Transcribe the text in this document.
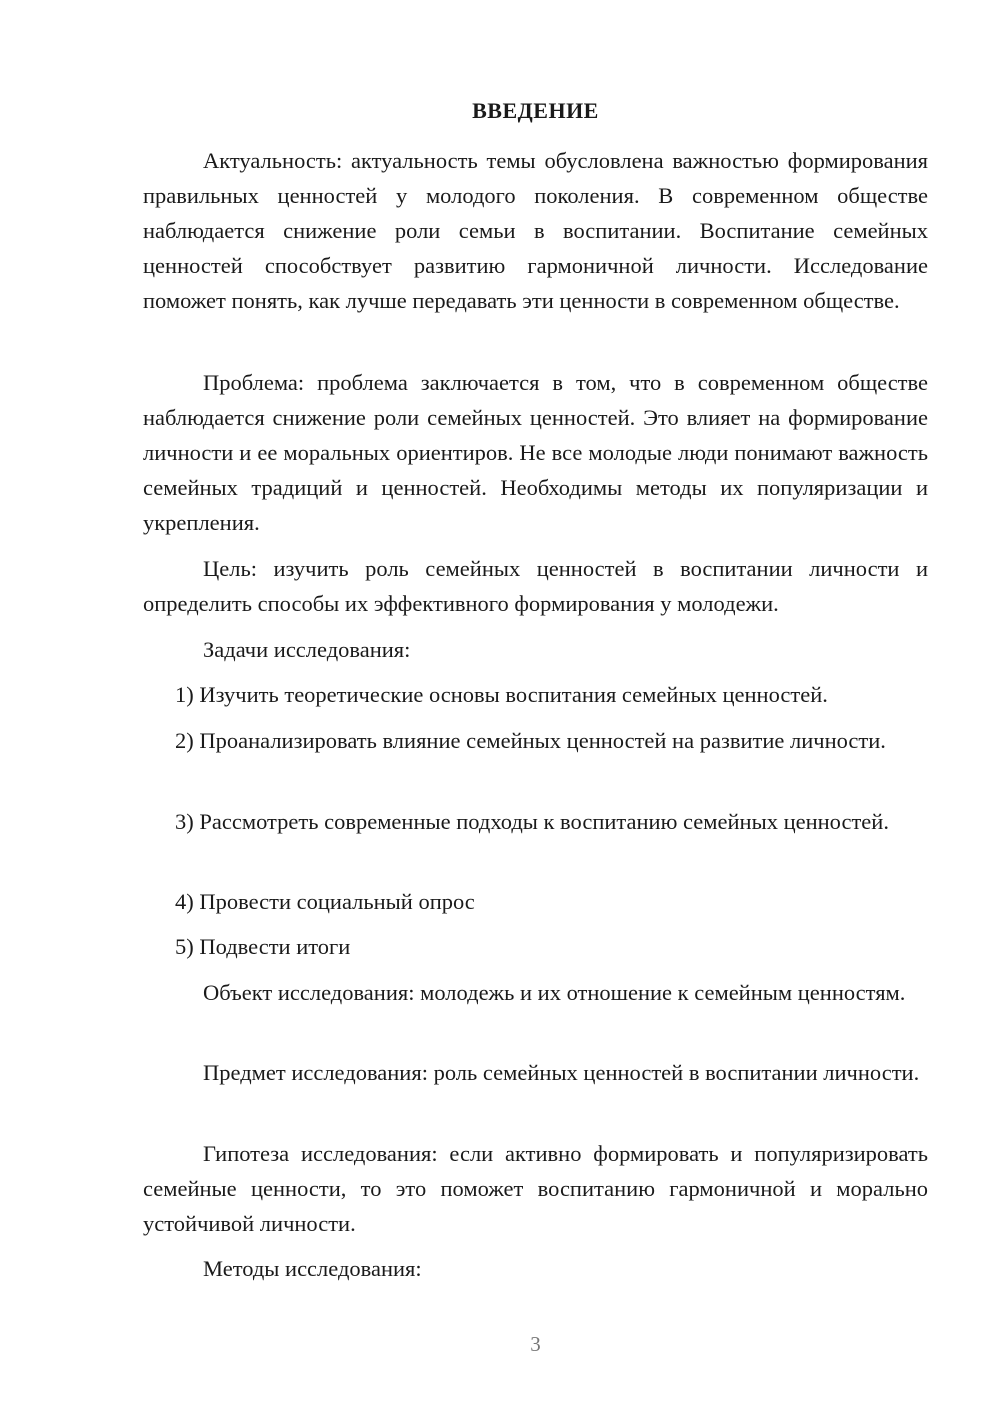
ВВЕДЕНИЕ
Актуальность: актуальность темы обусловлена важностью формирования правильных ценностей у молодого поколения. В современном обществе наблюдается снижение роли семьи в воспитании. Воспитание семейных ценностей способствует развитию гармоничной личности. Исследование поможет понять, как лучше передавать эти ценности в современном обществе.
Проблема: проблема заключается в том, что в современном обществе наблюдается снижение роли семейных ценностей. Это влияет на формирование личности и ее моральных ориентиров. Не все молодые люди понимают важность семейных традиций и ценностей. Необходимы методы их популяризации и укрепления.
Цель: изучить роль семейных ценностей в воспитании личности и определить способы их эффективного формирования у молодежи.
Задачи исследования:
1) Изучить теоретические основы воспитания семейных ценностей.
2) Проанализировать влияние семейных ценностей на развитие личности.
3) Рассмотреть современные подходы к воспитанию семейных ценностей.
4) Провести социальный опрос
5) Подвести итоги
Объект исследования: молодежь и их отношение к семейным ценностям.
Предмет исследования: роль семейных ценностей в воспитании личности.
Гипотеза исследования: если активно формировать и популяризировать семейные ценности, то это поможет воспитанию гармоничной и морально устойчивой личности.
Методы исследования:
3
